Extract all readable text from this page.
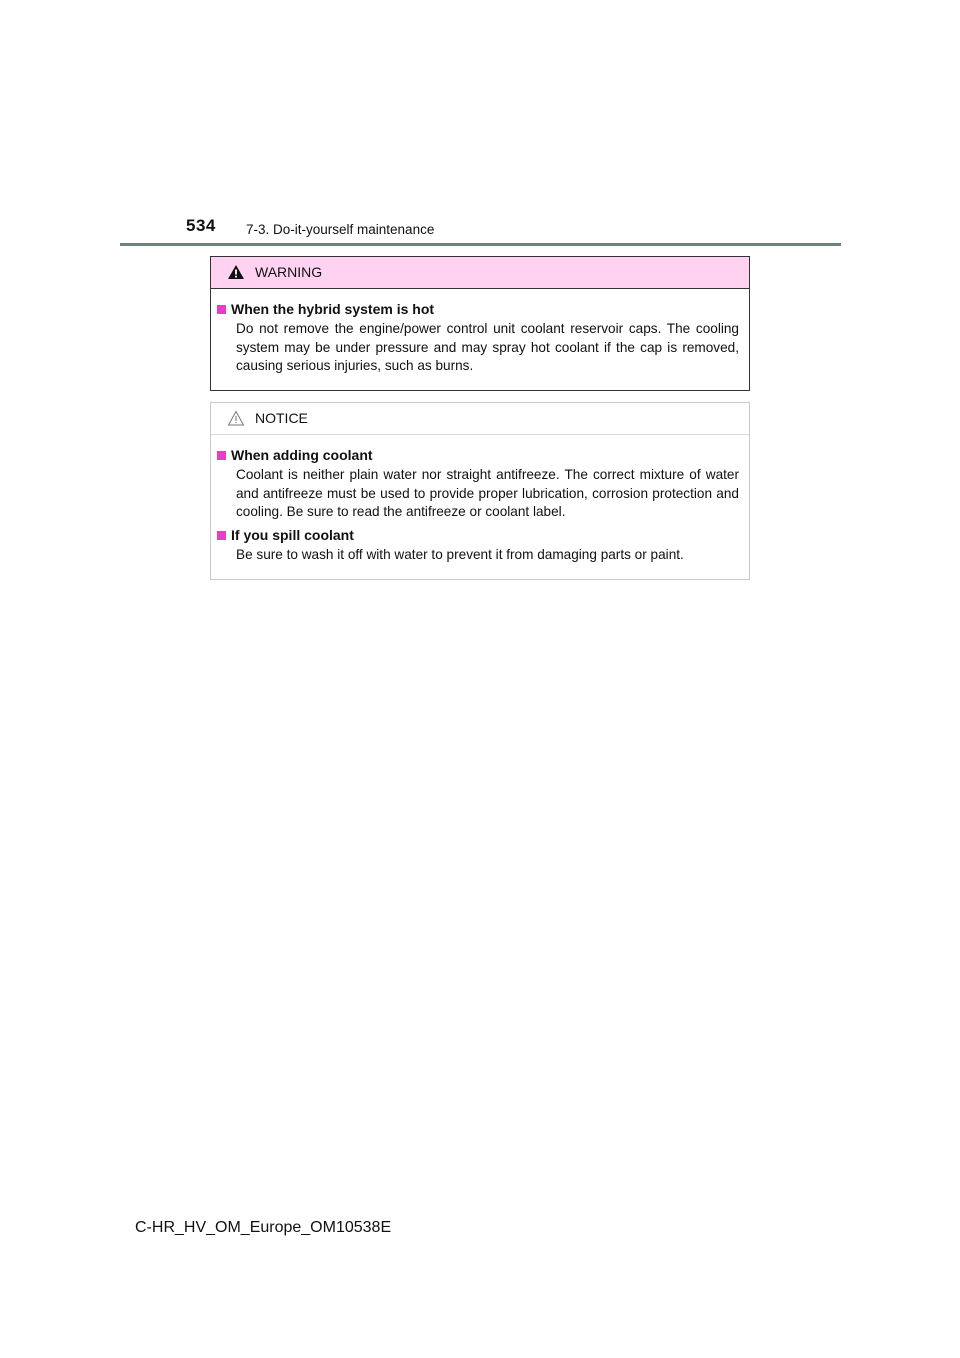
534 7-3. Do-it-yourself maintenance
WARNING
When the hybrid system is hot
Do not remove the engine/power control unit coolant reservoir caps. The cooling system may be under pressure and may spray hot coolant if the cap is removed, causing serious injuries, such as burns.
NOTICE
When adding coolant
Coolant is neither plain water nor straight antifreeze. The correct mixture of water and antifreeze must be used to provide proper lubrication, corrosion protection and cooling. Be sure to read the antifreeze or coolant label.
If you spill coolant
Be sure to wash it off with water to prevent it from damaging parts or paint.
C-HR_HV_OM_Europe_OM10538E
